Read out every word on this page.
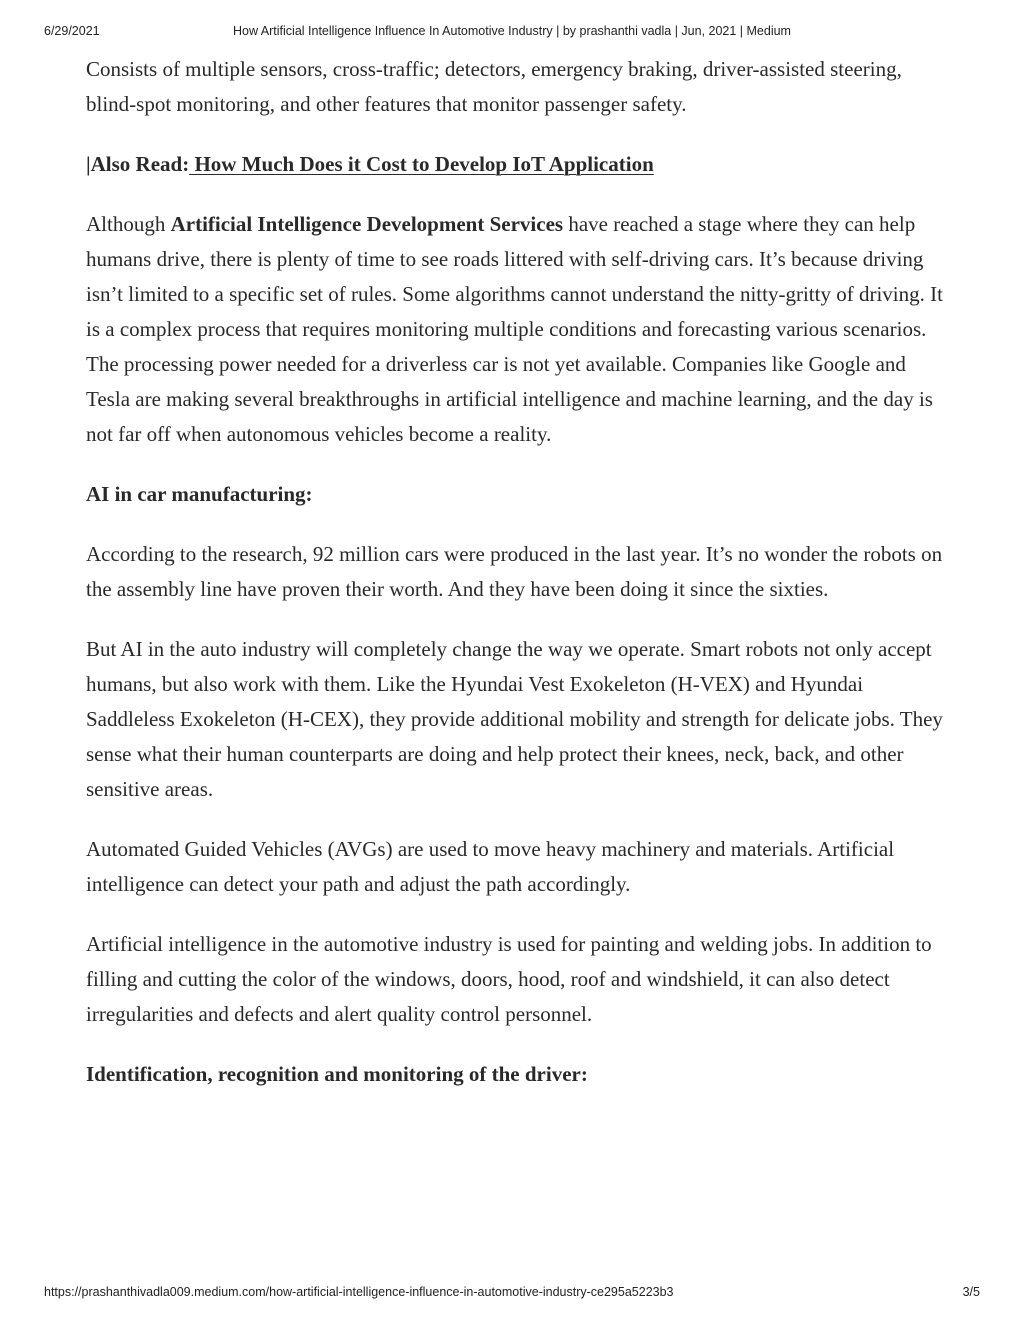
6/29/2021	How Artificial Intelligence Influence In Automotive Industry | by prashanthi vadla | Jun, 2021 | Medium

Consists of multiple sensors, cross-traffic; detectors, emergency braking, driver-assisted steering, blind-spot monitoring, and other features that monitor passenger safety.

|Also Read: How Much Does it Cost to Develop IoT Application

Although Artificial Intelligence Development Services have reached a stage where they can help humans drive, there is plenty of time to see roads littered with self-driving cars. It’s because driving isn’t limited to a specific set of rules. Some algorithms cannot understand the nitty-gritty of driving. It is a complex process that requires monitoring multiple conditions and forecasting various scenarios. The processing power needed for a driverless car is not yet available. Companies like Google and Tesla are making several breakthroughs in artificial intelligence and machine learning, and the day is not far off when autonomous vehicles become a reality.

AI in car manufacturing:

According to the research, 92 million cars were produced in the last year. It’s no wonder the robots on the assembly line have proven their worth. And they have been doing it since the sixties.

But AI in the auto industry will completely change the way we operate. Smart robots not only accept humans, but also work with them. Like the Hyundai Vest Exokeleton (H-VEX) and Hyundai Saddleless Exokeleton (H-CEX), they provide additional mobility and strength for delicate jobs. They sense what their human counterparts are doing and help protect their knees, neck, back, and other sensitive areas.

Automated Guided Vehicles (AVGs) are used to move heavy machinery and materials. Artificial intelligence can detect your path and adjust the path accordingly.

Artificial intelligence in the automotive industry is used for painting and welding jobs. In addition to filling and cutting the color of the windows, doors, hood, roof and windshield, it can also detect irregularities and defects and alert quality control personnel.

Identification, recognition and monitoring of the driver:
https://prashanthivadla009.medium.com/how-artificial-intelligence-influence-in-automotive-industry-ce295a5223b3	3/5
